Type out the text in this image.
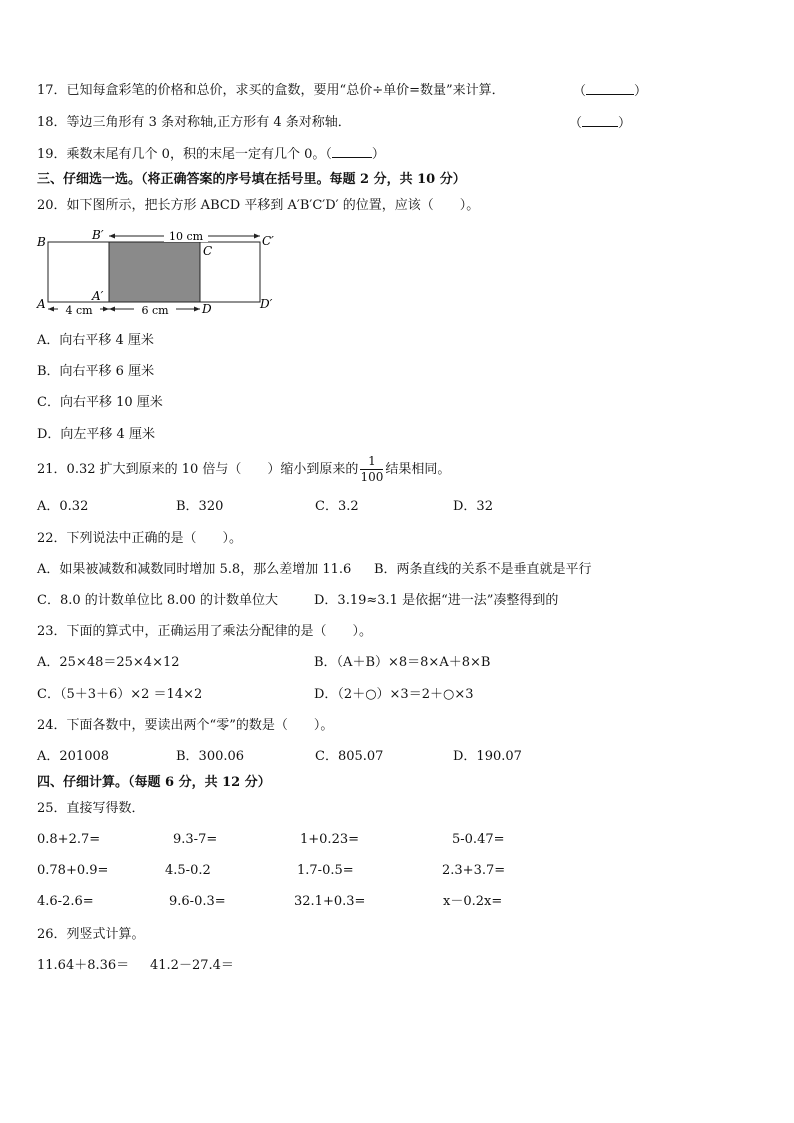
17．已知每盒彩笔的价格和总价，求买的盒数，要用“总价÷单价=数量”来计算．	（	）
18．等边三角形有 3 条对称轴,正方形有 4 条对称轴．	（	）
19．乘数末尾有几个 0，积的末尾一定有几个 0。（	）
三、仔细选一选。（将正确答案的序号填在括号里。每题 2 分，共 10 分）
20．如下图所示，把长方形 ABCD 平移到 A′B′C′D′ 的位置，应该（　　）。
10 cm
4 cm	6 cm
B
A
B′
A′
C
D
C′
D′
A．向右平移 4 厘米
B．向右平移 6 厘米
C．向右平移 10 厘米
D．向左平移 4 厘米
21．0.32 扩大到原来的 10 倍与（　　）缩小到原来的 $\frac{1}{100}$ 结果相同。
A．0.32	B．320	C．3.2	D．32
22．下列说法中正确的是（　　）。
A．如果被减数和减数同时增加 5.8，那么差增加 11.6 B．两条直线的关系不是垂直就是平行
C．8.0 的计数单位比 8.00 的计数单位大	D．3.19≈3.1 是依据“进一法”凑整得到的
23．下面的算式中，正确运用了乘法分配律的是（　　）。
A．25×48＝25×4×12	B．（A＋B）×8＝8×A＋8×B
C．（5＋3＋6）×2 ＝14×2	D．（2＋○）×3＝2＋○×3
24．下面各数中，要读出两个“零”的数是（　　）。
A．201008	B．300.06	C．805.07	D．190.07
四、仔细计算。（每题 6 分，共 12 分）
25．直接写得数．
0.8+2.7=	9.3-7=	1+0.23=	5-0.47=
0.78+0.9=	4.5-0.2	1.7-0.5=	2.3+3.7=
4.6-2.6=	9.6-0.3=	32.1+0.3=	x－0.2x=
26．列竖式计算。
11.64＋8.36＝ 41.2－27.4＝
